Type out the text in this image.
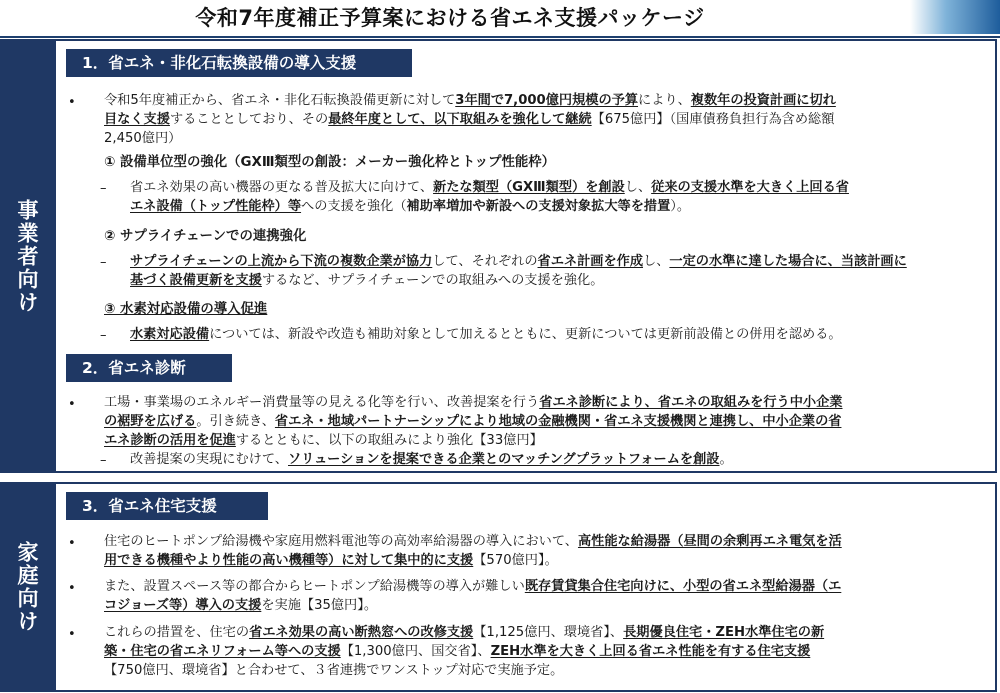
令和7年度補正予算案における省エネ支援パッケージ
事業者向け
家庭向け
1．省エネ・非化石転換設備の導入支援
• 令和5年度補正から、省エネ・非化石転換設備更新に対して3年間で7,000億円規模の予算により、複数年の投資計画に切れ
目なく支援することとしており、その最終年度として、以下取組みを強化して継続【675億円】（国庫債務負担行為含め総額
2,450億円）
① 設備単位型の強化（GXⅢ類型の創設：メーカー強化枠とトップ性能枠）
– 省エネ効果の高い機器の更なる普及拡大に向けて、新たな類型（GXⅢ類型）を創設し、従来の支援水準を大きく上回る省
エネ設備（トップ性能枠）等への支援を強化（補助率増加や新設への支援対象拡大等を措置）。
② サプライチェーンでの連携強化
– サプライチェーンの上流から下流の複数企業が協力して、それぞれの省エネ計画を作成し、一定の水準に達した場合に、当該計画に
基づく設備更新を支援するなど、サプライチェーンでの取組みへの支援を強化。
③ 水素対応設備の導入促進
– 水素対応設備については、新設や改造も補助対象として加えるとともに、更新については更新前設備との併用を認める。
2．省エネ診断
• 工場・事業場のエネルギー消費量等の見える化等を行い、改善提案を行う省エネ診断により、省エネの取組みを行う中小企業
の裾野を広げる。引き続き、省エネ・地域パートナーシップにより地域の金融機関・省エネ支援機関と連携し、中小企業の省
エネ診断の活用を促進するとともに、以下の取組みにより強化【33億円】
– 改善提案の実現にむけて、ソリューションを提案できる企業とのマッチングプラットフォームを創設。
3．省エネ住宅支援
• 住宅のヒートポンプ給湯機や家庭用燃料電池等の高効率給湯器の導入において、高性能な給湯器（昼間の余剰再エネ電気を活
用できる機種やより性能の高い機種等）に対して集中的に支援【570億円】。
• また、設置スペース等の都合からヒートポンプ給湯機等の導入が難しい既存賃貸集合住宅向けに、小型の省エネ型給湯器（エ
コジョーズ等）導入の支援を実施【35億円】。
• これらの措置を、住宅の省エネ効果の高い断熱窓への改修支援【1,125億円、環境省】、長期優良住宅・ZEH水準住宅の新
築・住宅の省エネリフォーム等への支援【1,300億円、国交省】、ZEH水準を大きく上回る省エネ性能を有する住宅支援
【750億円、環境省】と合わせて、３省連携でワンストップ対応で実施予定。
